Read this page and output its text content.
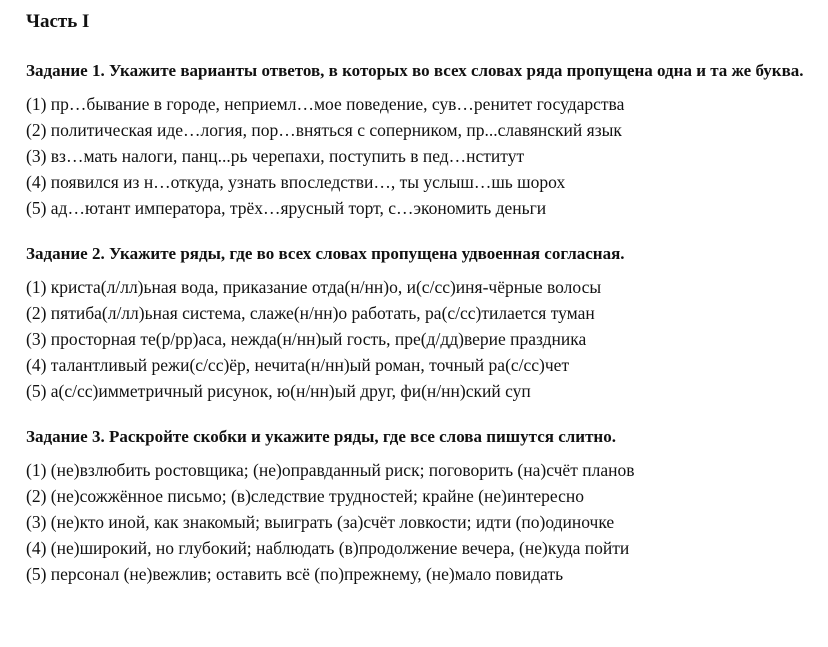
Часть I
Задание 1. Укажите варианты ответов, в которых во всех словах ряда пропущена одна и та же буква.
(1) пр…бывание в городе, неприемл…мое поведение, сув…ренитет государства
(2) политическая иде…логия, пор…вняться с соперником, пр...славянский язык
(3) вз…мать налоги, панц...рь черепахи, поступить в пед…нститут
(4) появился из н…откуда, узнать впоследстви…, ты услыш…шь шорох
(5) ад…ютант императора, трёх…ярусный торт, с…экономить деньги
Задание 2. Укажите ряды, где во всех словах пропущена удвоенная согласная.
(1) криста(л/лл)ьная вода, приказание отда(н/нн)о, и(с/сс)иня-чёрные волосы
(2) пятиба(л/лл)ьная система, слаже(н/нн)о работать, ра(с/сс)тилается туман
(3) просторная те(р/рр)аса, нежда(н/нн)ый гость, пре(д/дд)верие праздника
(4) талантливый режи(с/сс)ёр, нечита(н/нн)ый роман, точный ра(с/сс)чет
(5) а(с/сс)имметричный рисунок, ю(н/нн)ый друг, фи(н/нн)ский суп
Задание 3. Раскройте скобки и укажите ряды, где все слова пишутся слитно.
(1) (не)взлюбить ростовщика; (не)оправданный риск; поговорить (на)счёт планов
(2) (не)сожжённое письмо; (в)следствие трудностей; крайне (не)интересно
(3) (не)кто иной, как знакомый; выиграть (за)счёт ловкости; идти (по)одиночке
(4) (не)широкий, но глубокий; наблюдать (в)продолжение вечера, (не)куда пойти
(5) персонал (не)вежлив; оставить всё (по)прежнему, (не)мало повидать
